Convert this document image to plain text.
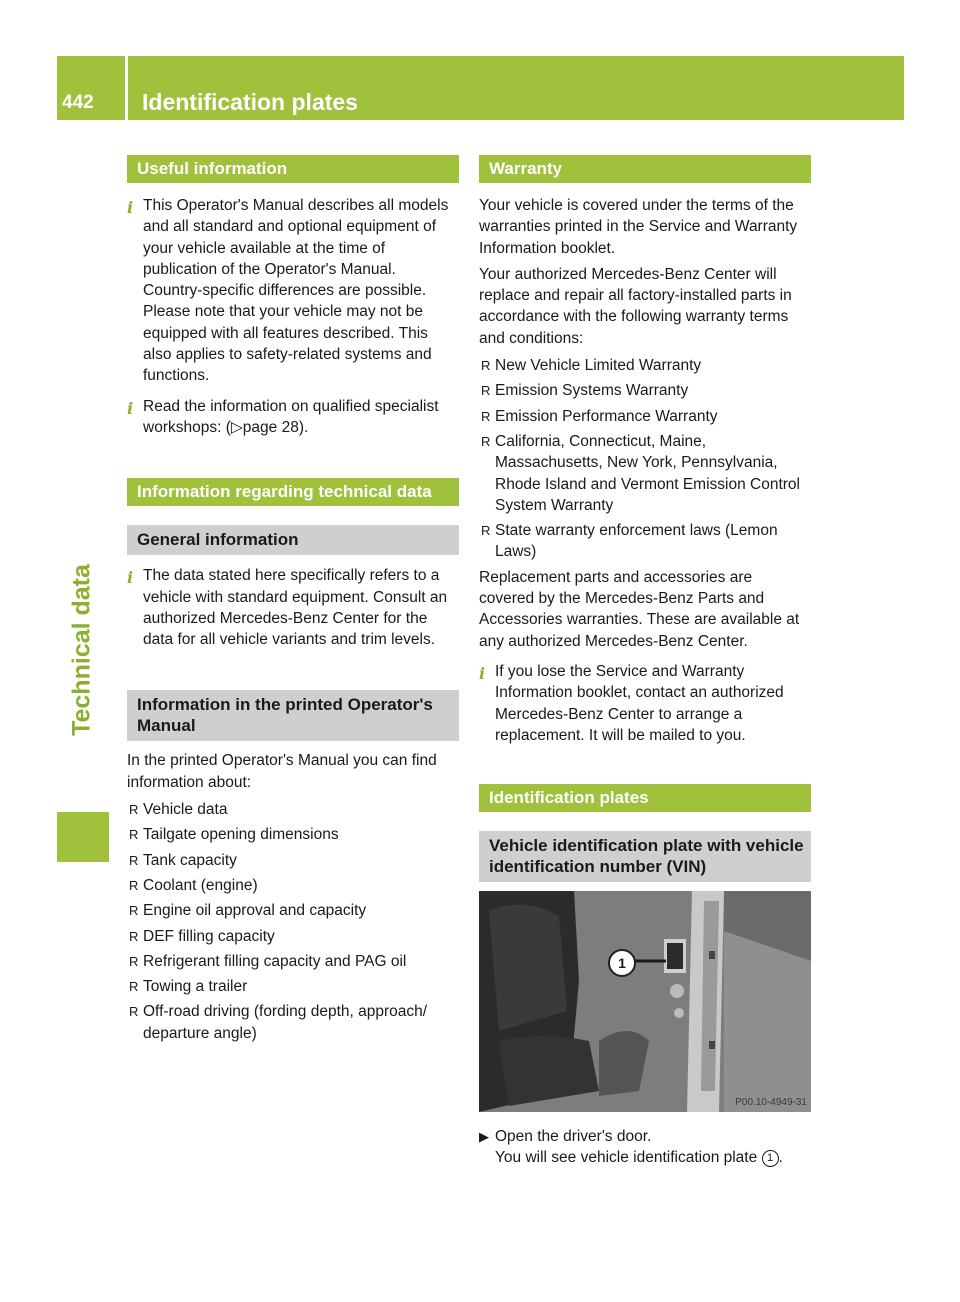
442 Identification plates
Technical data
Useful information
i This Operator's Manual describes all models and all standard and optional equipment of your vehicle available at the time of publication of the Operator's Manual. Country-specific differences are possible. Please note that your vehicle may not be equipped with all features described. This also applies to safety-related systems and functions.
i Read the information on qualified specialist workshops: (▷page 28).
Information regarding technical data
General information
i The data stated here specifically refers to a vehicle with standard equipment. Consult an authorized Mercedes-Benz Center for the data for all vehicle variants and trim levels.
Information in the printed Operator's Manual
In the printed Operator's Manual you can find information about:
R Vehicle data
R Tailgate opening dimensions
R Tank capacity
R Coolant (engine)
R Engine oil approval and capacity
R DEF filling capacity
R Refrigerant filling capacity and PAG oil
R Towing a trailer
R Off-road driving (fording depth, approach/ departure angle)
Warranty
Your vehicle is covered under the terms of the warranties printed in the Service and Warranty Information booklet.
Your authorized Mercedes-Benz Center will replace and repair all factory-installed parts in accordance with the following warranty terms and conditions:
R New Vehicle Limited Warranty
R Emission Systems Warranty
R Emission Performance Warranty
R California, Connecticut, Maine, Massachusetts, New York, Pennsylvania, Rhode Island and Vermont Emission Control System Warranty
R State warranty enforcement laws (Lemon Laws)
Replacement parts and accessories are covered by the Mercedes-Benz Parts and Accessories warranties. These are available at any authorized Mercedes-Benz Center.
i If you lose the Service and Warranty Information booklet, contact an authorized Mercedes-Benz Center to arrange a replacement. It will be mailed to you.
Identification plates
Vehicle identification plate with vehicle identification number (VIN)
1
P00.10-4949-31
▶ Open the driver's door.
You will see vehicle identification plate 1 .
